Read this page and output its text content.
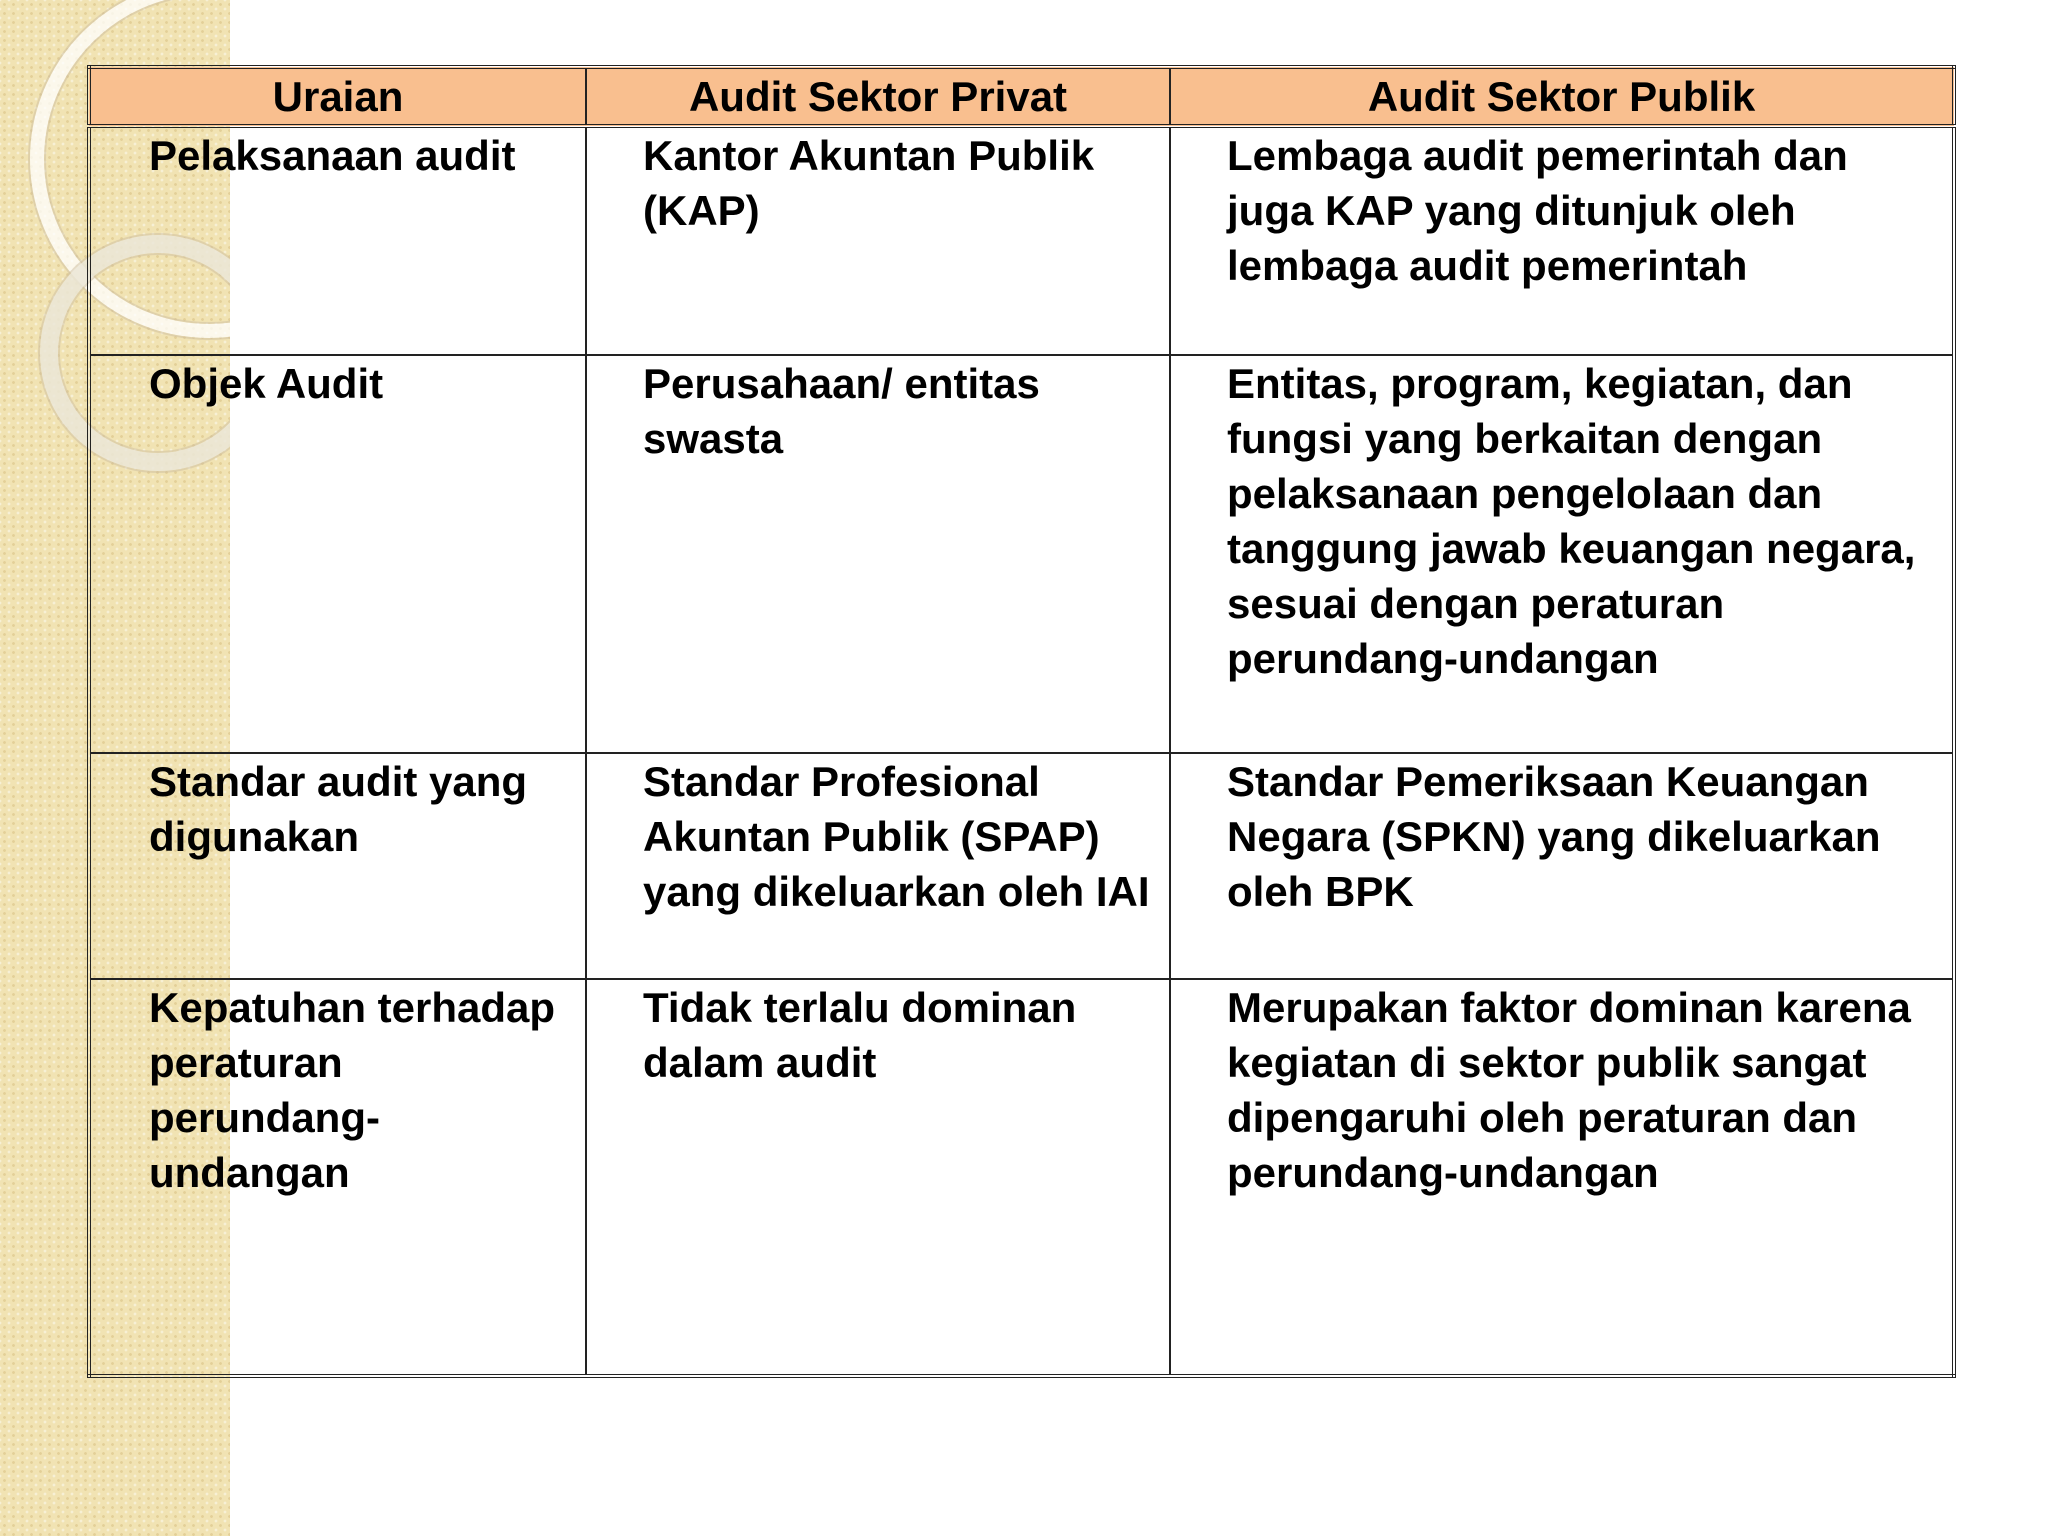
Uraian	Audit Sektor Privat	Audit Sektor Publik

Pelaksanaan audit	Kantor Akuntan Publik (KAP)	Lembaga audit pemerintah dan juga KAP yang ditunjuk oleh lembaga audit pemerintah

Objek Audit	Perusahaan/ entitas swasta	Entitas, program, kegiatan, dan fungsi yang berkaitan dengan pelaksanaan pengelolaan dan tanggung jawab keuangan negara, sesuai dengan peraturan perundang-undangan

Standar audit yang digunakan	Standar Profesional Akuntan Publik (SPAP) yang dikeluarkan oleh IAI	Standar Pemeriksaan Keuangan Negara (SPKN) yang dikeluarkan oleh BPK

Kepatuhan terhadap peraturan perundang-undangan	Tidak terlalu dominan dalam audit	Merupakan faktor dominan karena kegiatan di sektor publik sangat dipengaruhi oleh peraturan dan perundang-undangan
